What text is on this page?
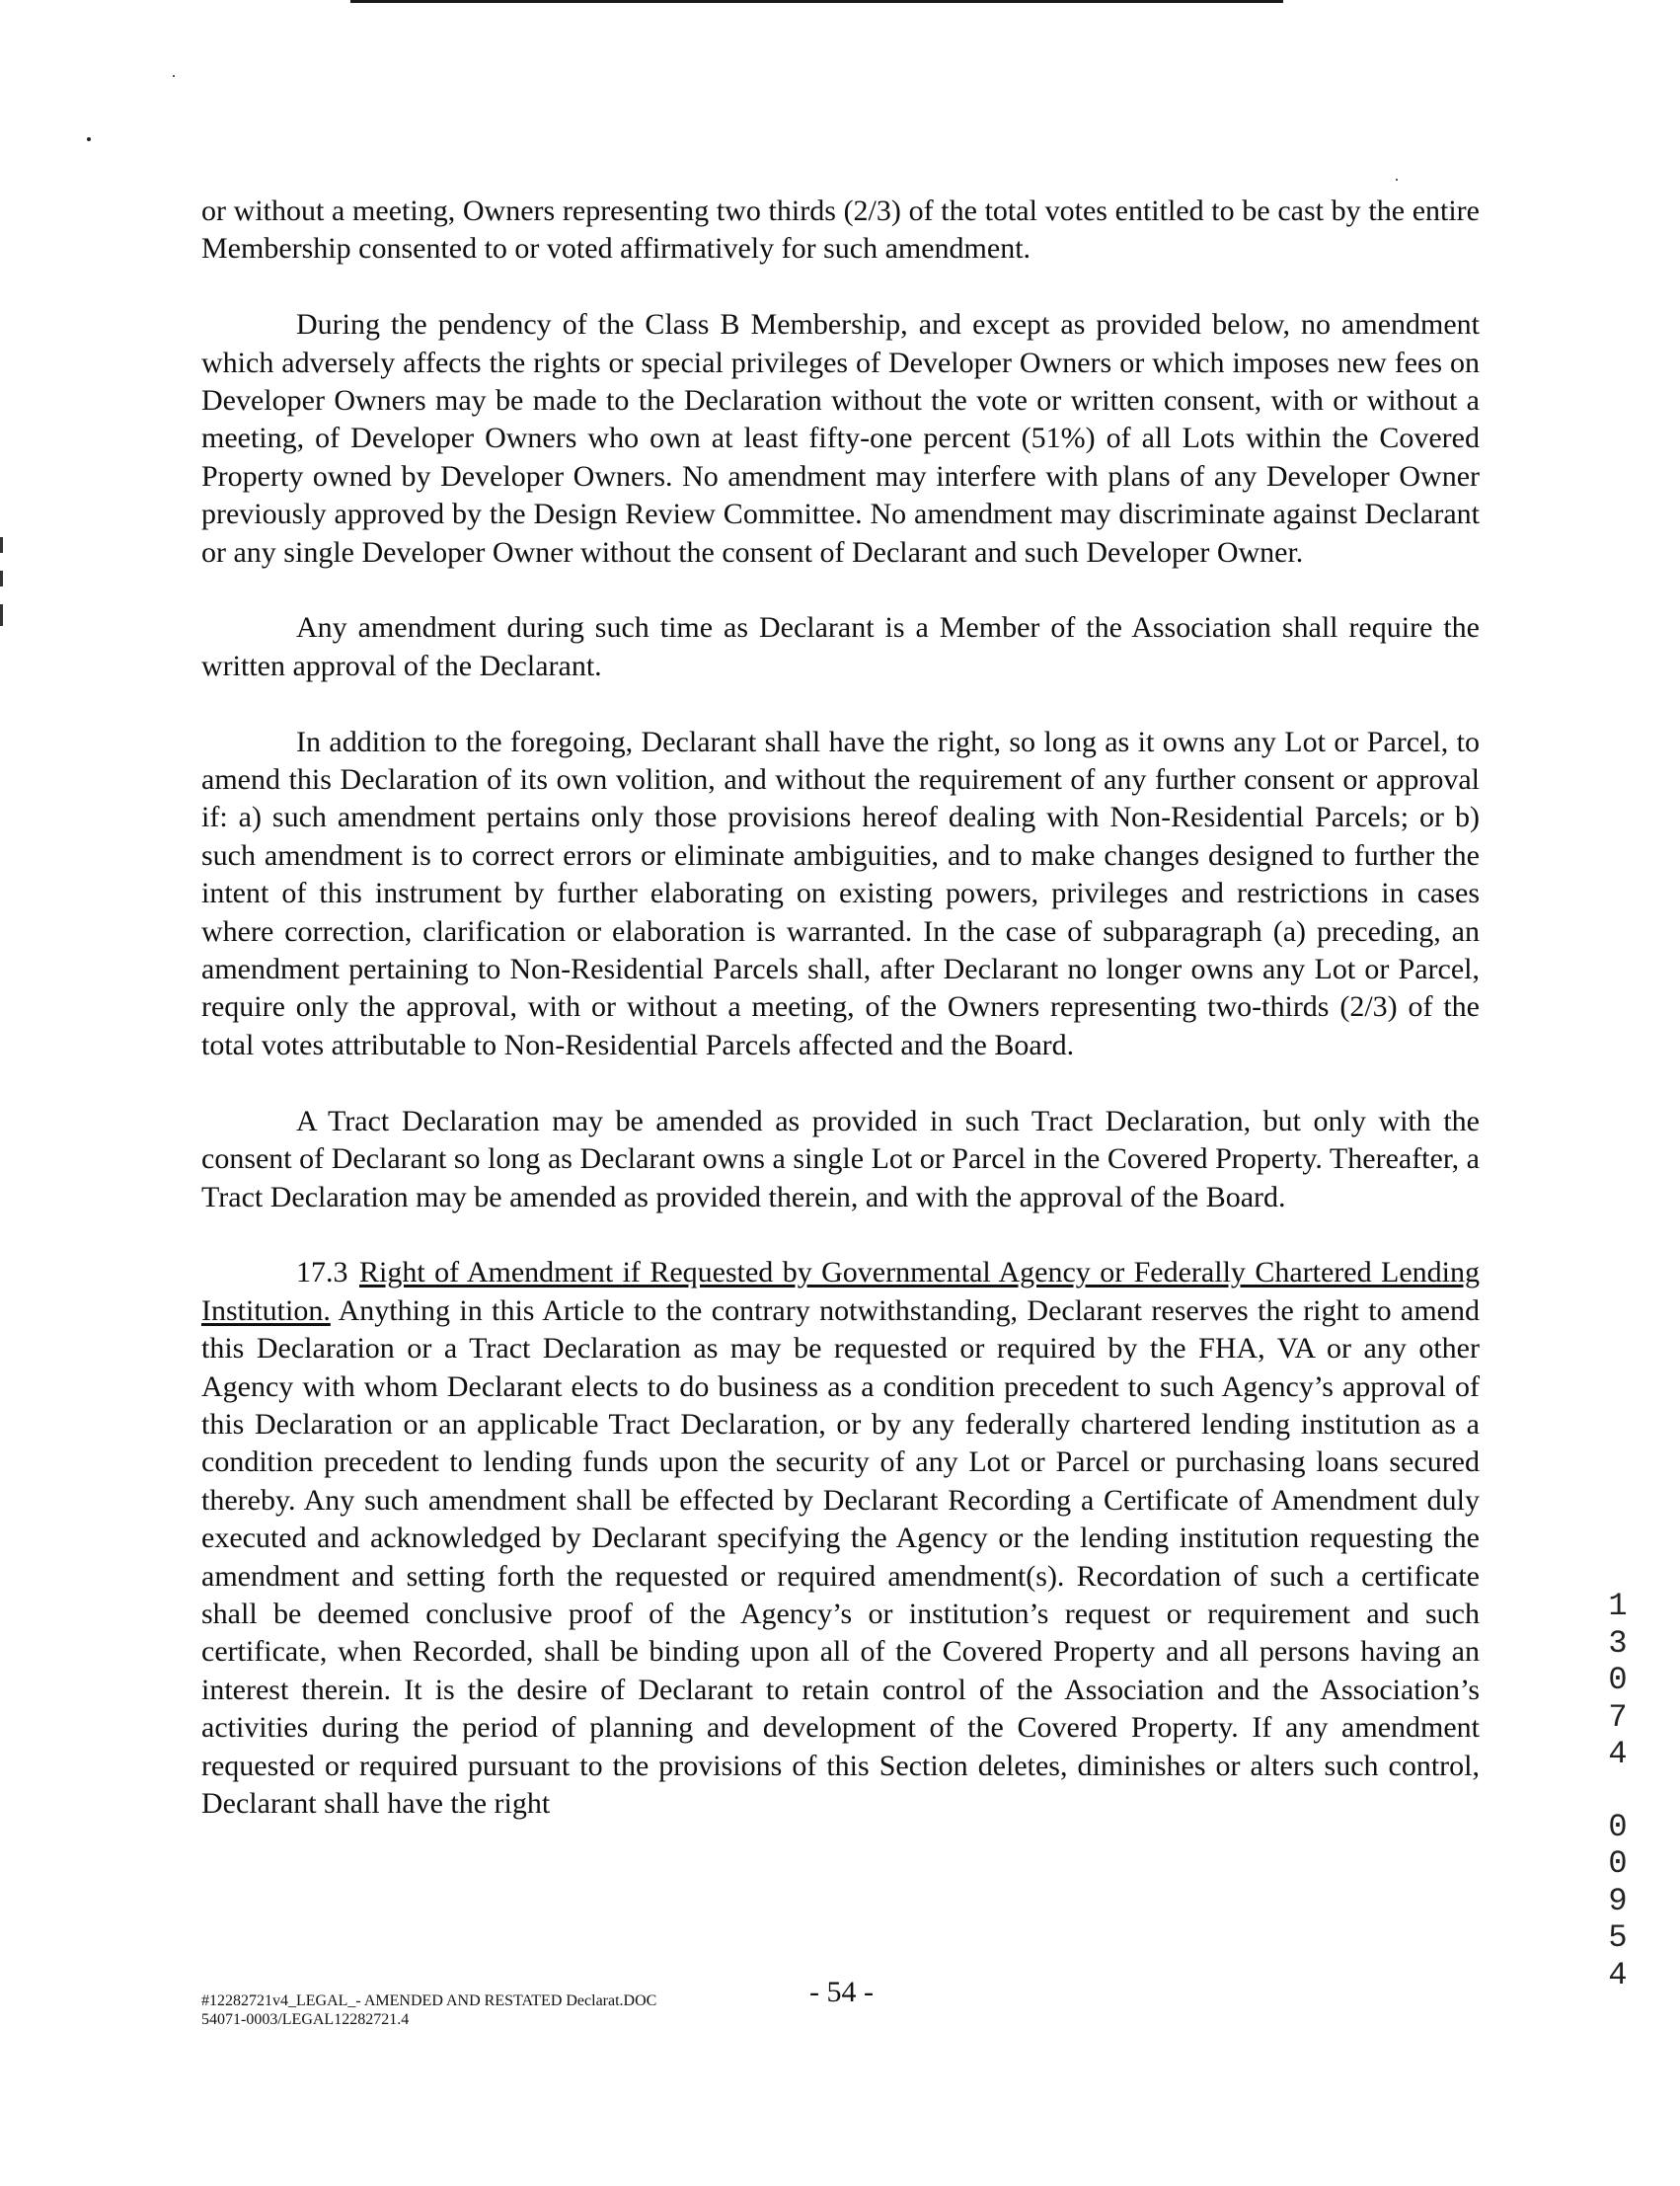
or without a meeting, Owners representing two thirds (2/3) of the total votes entitled to be cast by the entire Membership consented to or voted affirmatively for such amendment.

During the pendency of the Class B Membership, and except as provided below, no amendment which adversely affects the rights or special privileges of Developer Owners or which imposes new fees on Developer Owners may be made to the Declaration without the vote or written consent, with or without a meeting, of Developer Owners who own at least fifty-one percent (51%) of all Lots within the Covered Property owned by Developer Owners. No amendment may interfere with plans of any Developer Owner previously approved by the Design Review Committee. No amendment may discriminate against Declarant or any single Developer Owner without the consent of Declarant and such Developer Owner.

Any amendment during such time as Declarant is a Member of the Association shall require the written approval of the Declarant.

In addition to the foregoing, Declarant shall have the right, so long as it owns any Lot or Parcel, to amend this Declaration of its own volition, and without the requirement of any further consent or approval if: a) such amendment pertains only those provisions hereof dealing with Non-Residential Parcels; or b) such amendment is to correct errors or eliminate ambiguities, and to make changes designed to further the intent of this instrument by further elaborating on existing powers, privileges and restrictions in cases where correction, clarification or elaboration is warranted. In the case of subparagraph (a) preceding, an amendment pertaining to Non-Residential Parcels shall, after Declarant no longer owns any Lot or Parcel, require only the approval, with or without a meeting, of the Owners representing two-thirds (2/3) of the total votes attributable to Non-Residential Parcels affected and the Board.

A Tract Declaration may be amended as provided in such Tract Declaration, but only with the consent of Declarant so long as Declarant owns a single Lot or Parcel in the Covered Property. Thereafter, a Tract Declaration may be amended as provided therein, and with the approval of the Board.

17.3 Right of Amendment if Requested by Governmental Agency or Federally Chartered Lending Institution. Anything in this Article to the contrary notwithstanding, Declarant reserves the right to amend this Declaration or a Tract Declaration as may be requested or required by the FHA, VA or any other Agency with whom Declarant elects to do business as a condition precedent to such Agency’s approval of this Declaration or an applicable Tract Declaration, or by any federally chartered lending institution as a condition precedent to lending funds upon the security of any Lot or Parcel or purchasing loans secured thereby. Any such amendment shall be effected by Declarant Recording a Certificate of Amendment duly executed and acknowledged by Declarant specifying the Agency or the lending institution requesting the amendment and setting forth the requested or required amendment(s). Recordation of such a certificate shall be deemed conclusive proof of the Agency’s or institution’s request or requirement and such certificate, when Recorded, shall be binding upon all of the Covered Property and all persons having an interest therein. It is the desire of Declarant to retain control of the Association and the Association’s activities during the period of planning and development of the Covered Property. If any amendment requested or required pursuant to the provisions of this Section deletes, diminishes or alters such control, Declarant shall have the right

#12282721v4_LEGAL_- AMENDED AND RESTATED Declarat.DOC
54071-0003/LEGAL12282721.4
- 54 -
1
3
0
7
4
0
0
9
5
4
